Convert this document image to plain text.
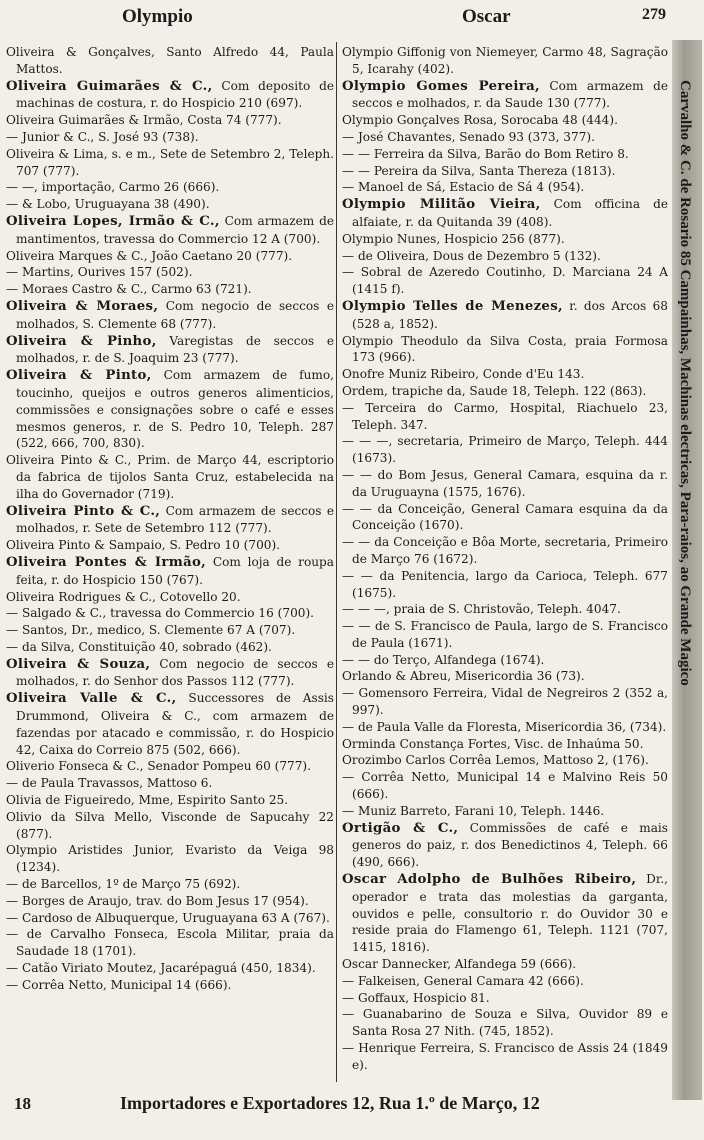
Olympio	Oscar	279

Oliveira & Gonçalves, Santo Alfredo 44, Paula Mattos.

Oliveira Guimarães & C., Com deposito de machinas de costura, r. do Hospicio 210 (697).

Oliveira Guimarães & Irmão, Costa 74 (777).

— Junior & C., S. José 93 (738).

Oliveira & Lima, s. e m., Sete de Setembro 2, Teleph. 707 (777).

— —, importação, Carmo 26 (666).

— & Lobo, Uruguayana 38 (490).

Oliveira Lopes, Irmão & C., Com armazem de mantimentos, travessa do Commercio 12 A (700).

Oliveira Marques & C., João Caetano 20 (777).

— Martins, Ourives 157 (502).

— Moraes Castro & C., Carmo 63 (721).

Oliveira & Moraes, Com negocio de seccos e molhados, S. Clemente 68 (777).

Oliveira & Pinho, Varegistas de seccos e molhados, r. de S. Joaquim 23 (777).

Oliveira & Pinto, Com armazem de fumo, toucinho, queijos e outros generos alimenticios, commissões e consignações sobre o café e esses mesmos generos, r. de S. Pedro 10, Teleph. 287 (522, 666, 700, 830).

Oliveira Pinto & C., Prim. de Março 44, escriptorio da fabrica de tijolos Santa Cruz, estabelecida na ilha do Governador (719).

Oliveira Pinto & C., Com armazem de seccos e molhados, r. Sete de Setembro 112 (777).

Oliveira Pinto & Sampaio, S. Pedro 10 (700).

Oliveira Pontes & Irmão, Com loja de roupa feita, r. do Hospicio 150 (767).

Oliveira Rodrigues & C., Cotovello 20.

— Salgado & C., travessa do Commercio 16 (700).

— Santos, Dr., medico, S. Clemente 67 A (707).

— da Silva, Constituição 40, sobrado (462).

Oliveira & Souza, Com negocio de seccos e molhados, r. do Senhor dos Passos 112 (777).

Oliveira Valle & C., Successores de Assis Drummond, Oliveira & C., com armazem de fazendas por atacado e commissão, r. do Hospicio 42, Caixa do Correio 875 (502, 666).

Oliverio Fonseca & C., Senador Pompeu 60 (777).

— de Paula Travassos, Mattoso 6.

Olivia de Figueiredo, Mme, Espirito Santo 25.

Olivio da Silva Mello, Visconde de Sapucahy 22 (877).

Olympio Aristides Junior, Evaristo da Veiga 98 (1234).

— de Barcellos, 1º de Março 75 (692).

— Borges de Araujo, trav. do Bom Jesus 17 (954).

— Cardoso de Albuquerque, Uruguayana 63 A (767).

— de Carvalho Fonseca, Escola Militar, praia da Saudade 18 (1701).

— Catão Viriato Moutez, Jacarépaguá (450, 1834).

— Corrêa Netto, Municipal 14 (666).

Olympio Giffonig von Niemeyer, Carmo 48, Sagração 5, Icarahy (402).

Olympio Gomes Pereira, Com armazem de seccos e molhados, r. da Saude 130 (777).

Olympio Gonçalves Rosa, Sorocaba 48 (444).

— José Chavantes, Senado 93 (373, 377).

— — Ferreira da Silva, Barão do Bom Retiro 8.

— — Pereira da Silva, Santa Thereza (1813).

— Manoel de Sá, Estacio de Sá 4 (954).

Olympio Militão Vieira, Com officina de alfaiate, r. da Quitanda 39 (408).

Olympio Nunes, Hospicio 256 (877).

— de Oliveira, Dous de Dezembro 5 (132).

— Sobral de Azeredo Coutinho, D. Marciana 24 A (1415 f).

Olympio Telles de Menezes, r. dos Arcos 68 (528 a, 1852).

Olympio Theodulo da Silva Costa, praia Formosa 173 (966).

Onofre Muniz Ribeiro, Conde d'Eu 143.

Ordem, trapiche da, Saude 18, Teleph. 122 (863).

— Terceira do Carmo, Hospital, Riachuelo 23, Teleph. 347.

— — —, secretaria, Primeiro de Março, Teleph. 444 (1673).

— — do Bom Jesus, General Camara, esquina da r. da Uruguayna (1575, 1676).

— — da Conceição, General Camara esquina da da Conceição (1670).

— — da Conceição e Bôa Morte, secretaria, Primeiro de Março 76 (1672).

— — da Penitencia, largo da Carioca, Teleph. 677 (1675).

— — —, praia de S. Christovão, Teleph. 4047.

— — de S. Francisco de Paula, largo de S. Francisco de Paula (1671).

— — do Terço, Alfandega (1674).

Orlando & Abreu, Misericordia 36 (73).

— Gomensoro Ferreira, Vidal de Negreiros 2 (352 a, 997).

— de Paula Valle da Floresta, Misericordia 36, (734).

Orminda Constança Fortes, Visc. de Inhaúma 50.

Orozimbo Carlos Corrêa Lemos, Mattoso 2, (176).

— Corrêa Netto, Municipal 14 e Malvino Reis 50 (666).

— Muniz Barreto, Farani 10, Teleph. 1446.

Ortigão & C., Commissões de café e mais generos do paiz, r. dos Benedictinos 4, Teleph. 66 (490, 666).

Oscar Adolpho de Bulhões Ribeiro, Dr., operador e trata das molestias da garganta, ouvidos e pelle, consultorio r. do Ouvidor 30 e reside praia do Flamengo 61, Teleph. 1121 (707, 1415, 1816).

Oscar Dannecker, Alfandega 59 (666).

— Falkeisen, General Camara 42 (666).

— Goffaux, Hospicio 81.

— Guanabarino de Souza e Silva, Ouvidor 89 e Santa Rosa 27 Nith. (745, 1852).

— Henrique Ferreira, S. Francisco de Assis 24 (1849 e).

Carvalho & C. de Rosario 85 Campainhas, Machinas electricas, Para-raios, ao Grande Magico
18	Importadores e Exportadores 12, Rua 1.º de Março, 12
